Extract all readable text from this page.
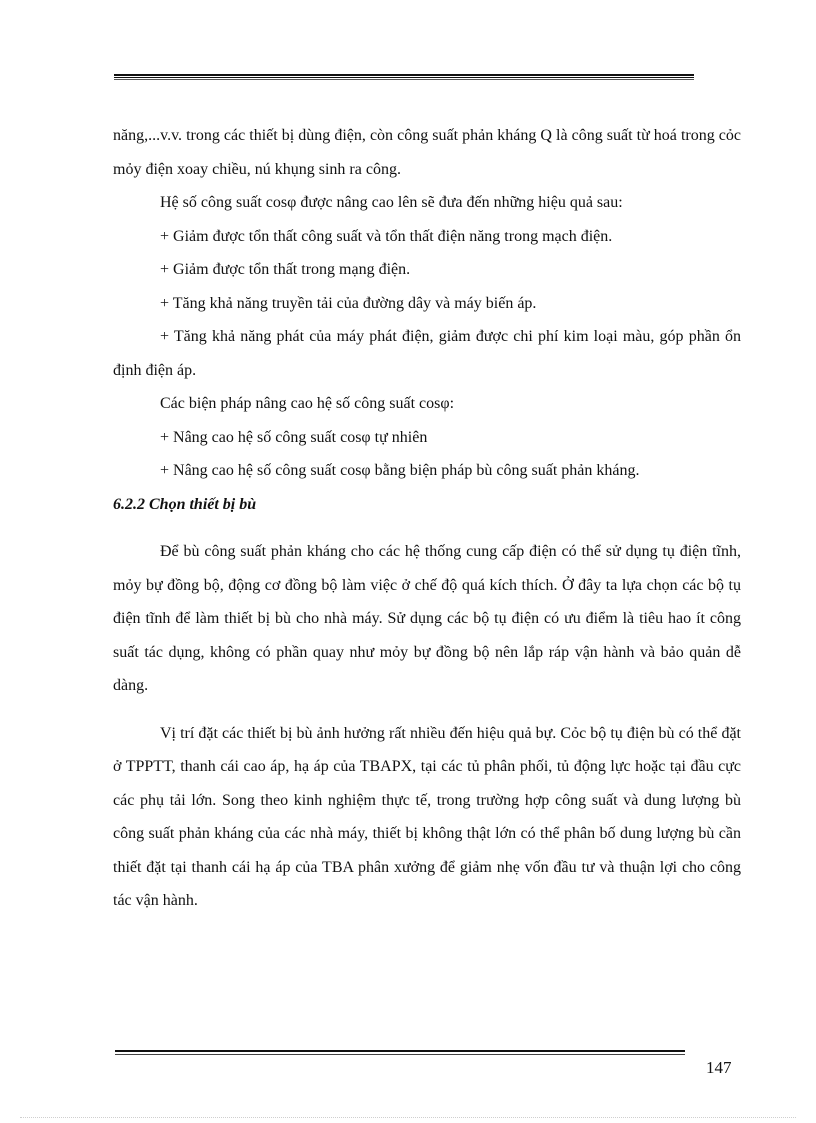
năng,...v.v. trong các thiết bị dùng điện, còn công suất phản kháng Q là công suất từ hoá trong cỏc mỏy điện xoay chiều, nú khụng sinh ra công.

Hệ số công suất cosφ được nâng cao lên sẽ đưa đến những hiệu quả sau:

+ Giảm được tổn thất công suất và tổn thất điện năng trong mạch điện.

+ Giảm được tổn thất trong mạng điện.

+ Tăng khả năng truyền tải của đường dây và máy biến áp.

+ Tăng khả năng phát của máy phát điện, giảm được chi phí kim loại màu, góp phần ổn định điện áp.

Các biện pháp nâng cao hệ số công suất cosφ:

+ Nâng cao hệ số công suất cosφ tự nhiên

+ Nâng cao hệ số công suất cosφ bằng biện pháp bù công suất phản kháng.

6.2.2 Chọn thiết bị bù

Để bù công suất phản kháng cho các hệ thống cung cấp điện có thể sử dụng tụ điện tĩnh, mỏy bự đồng bộ, động cơ đồng bộ làm việc ở chế độ quá kích thích. Ở đây ta lựa chọn các bộ tụ điện tĩnh để làm thiết bị bù cho nhà máy. Sử dụng các bộ tụ điện có ưu điểm là tiêu hao ít công suất tác dụng, không có phần quay như mỏy bự đồng bộ nên lắp ráp vận hành và bảo quản dễ dàng.

Vị trí đặt các thiết bị bù ảnh hưởng rất nhiều đến hiệu quả bự. Cỏc bộ tụ điện bù có thể đặt ở TPPTT, thanh cái cao áp, hạ áp của TBAPX, tại các tủ phân phối, tủ động lực hoặc tại đầu cực các phụ tải lớn. Song theo kinh nghiệm thực tế, trong trường hợp công suất và dung lượng bù công suất phản kháng của các nhà máy, thiết bị không thật lớn có thể phân bố dung lượng bù cần thiết đặt tại thanh cái hạ áp của TBA phân xưởng để giảm nhẹ vốn đầu tư và thuận lợi cho công tác vận hành.

147
